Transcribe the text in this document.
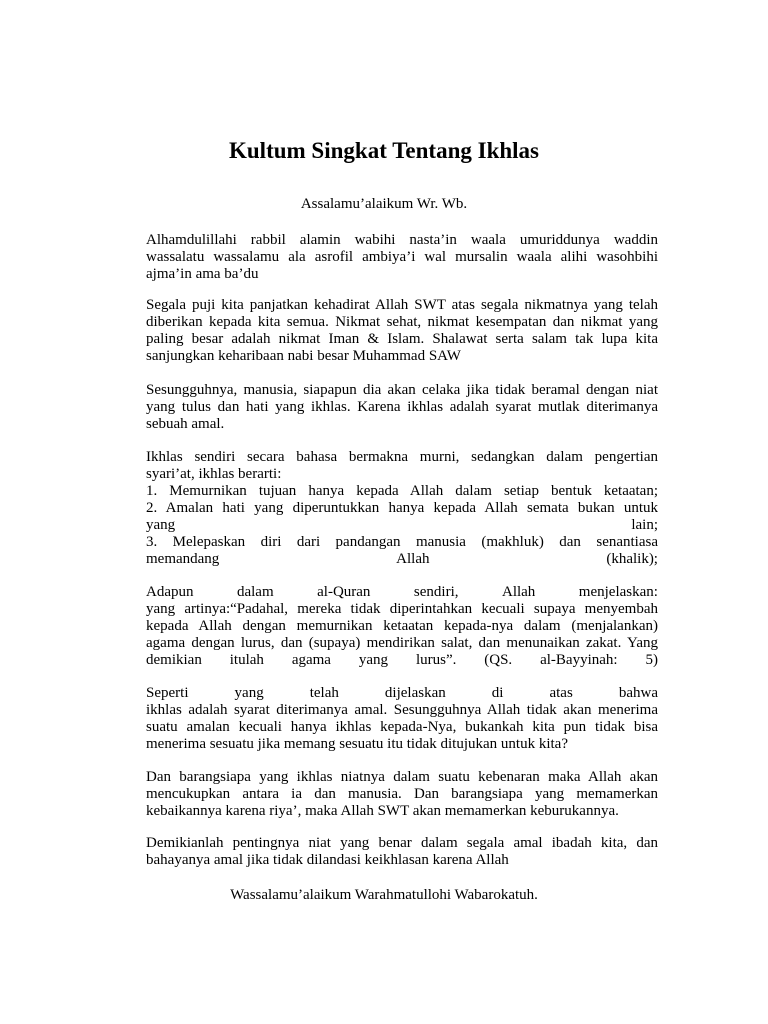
Kultum Singkat Tentang Ikhlas

Assalamu’alaikum Wr. Wb.

Alhamdulillahi rabbil alamin wabihi nasta’in waala umuriddunya waddin
wassalatu wassalamu ala asrofil ambiya’i wal mursalin waala alihi wasohbihi
ajma’in ama ba’du
Segala puji kita panjatkan kehadirat Allah SWT atas segala nikmatnya yang telah
diberikan kepada kita semua. Nikmat sehat, nikmat kesempatan dan nikmat yang
paling besar adalah nikmat Iman & Islam. Shalawat serta salam tak lupa kita
sanjungkan keharibaan nabi besar Muhammad SAW
Sesungguhnya, manusia, siapapun dia akan celaka jika tidak beramal dengan niat
yang tulus dan hati yang ikhlas. Karena ikhlas adalah syarat mutlak diterimanya
sebuah amal.
Ikhlas sendiri secara bahasa bermakna murni, sedangkan dalam pengertian
syari’at, ikhlas berarti:
1. Memurnikan tujuan hanya kepada Allah dalam setiap bentuk ketaatan;
2. Amalan hati yang diperuntukkan hanya kepada Allah semata bukan untuk
yang	lain;
3. Melepaskan diri dari pandangan manusia (makhluk) dan senantiasa
memandang	Allah	(khalik);
Adapun	dalam	al-Quran	sendiri,	Allah	menjelaskan:
yang artinya:“Padahal, mereka tidak diperintahkan kecuali supaya menyembah
kepada Allah dengan memurnikan ketaatan kepada-nya dalam (menjalankan)
agama dengan lurus, dan (supaya) mendirikan salat, dan menunaikan zakat. Yang
demikian itulah agama yang lurus”. (QS. al-Bayyinah: 5)
Seperti	yang	telah	dijelaskan	di	atas	bahwa
ikhlas adalah syarat diterimanya amal. Sesungguhnya Allah tidak akan menerima
suatu amalan kecuali hanya ikhlas kepada-Nya, bukankah kita pun tidak bisa
menerima sesuatu jika memang sesuatu itu tidak ditujukan untuk kita?
Dan barangsiapa yang ikhlas niatnya dalam suatu kebenaran maka Allah akan
mencukupkan antara ia dan manusia. Dan barangsiapa yang memamerkan
kebaikannya karena riya’, maka Allah SWT akan memamerkan keburukannya.
Demikianlah pentingnya niat yang benar dalam segala amal ibadah kita, dan
bahayanya amal jika tidak dilandasi keikhlasan karena Allah

Wassalamu’alaikum Warahmatullohi Wabarokatuh.
